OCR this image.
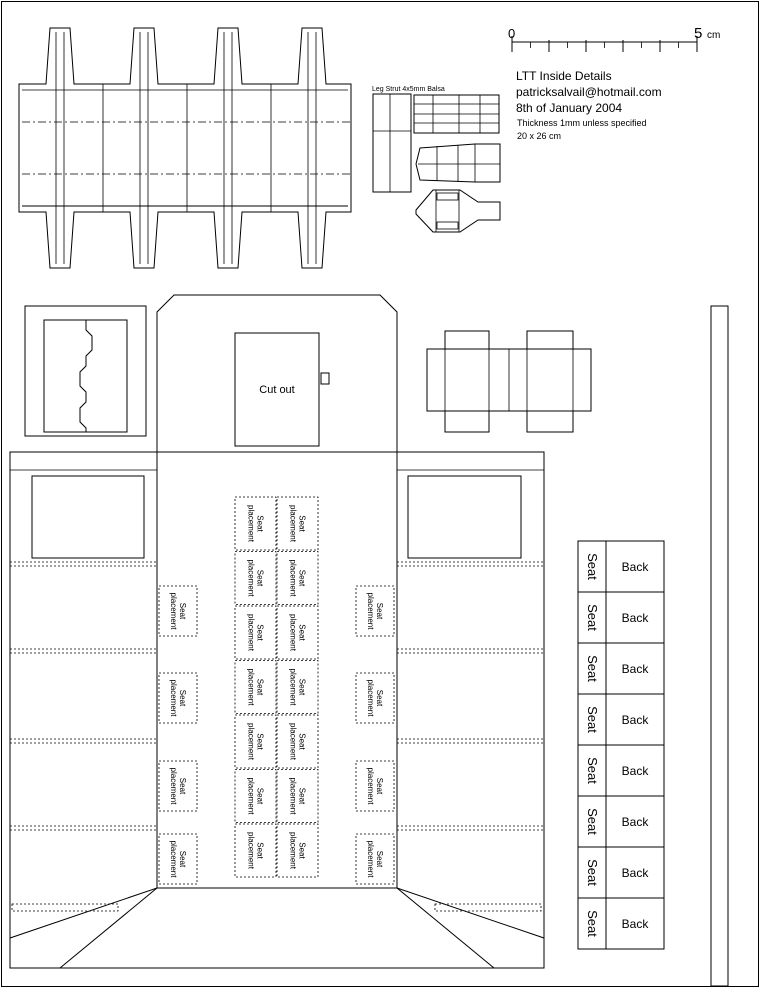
0	5 cm
LTT Inside Details
patricksalvail@hotmail.com
8th of January 2004
Thickness 1mm unless specified
20 x 26 cm
Leg Strut 4x5mm Balsa
Cut out
Seatplacement	Seatplacement
Seatplacement	Seatplacement
Seatplacement	Seatplacement
Seatplacement	Seatplacement
Seatplacement	Seatplacement
Seatplacement	Seatplacement
Seatplacement	Seatplacement
Seatplacement
Seatplacement
Seatplacement
Seatplacement
Seatplacement
Seatplacement
Seatplacement
Seatplacement
Seat Back
Seat Back
Seat Back
Seat Back
Seat Back
Seat Back
Seat Back
Seat Back
